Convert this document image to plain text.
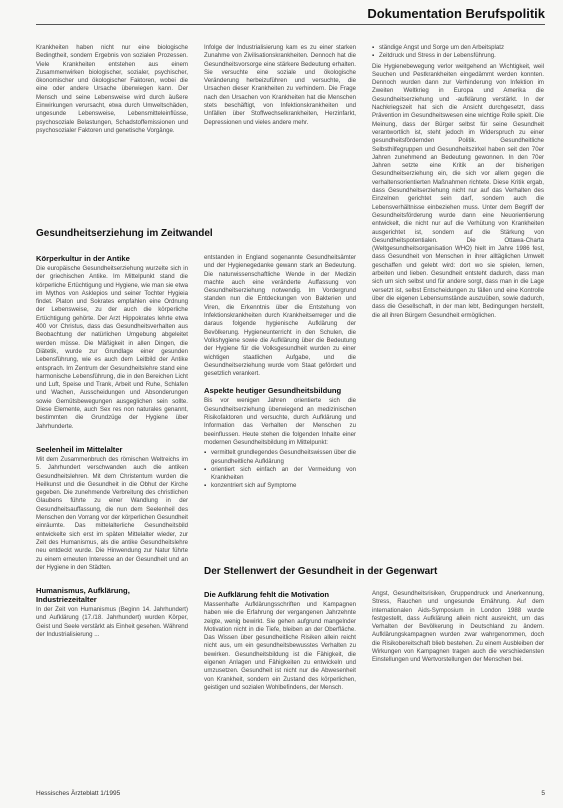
Dokumentation Berufspolitik

Krankheiten haben nicht nur eine biologische Bedingtheit, sondern Ergebnis von sozialen Prozessen. Viele Krankheiten entstehen aus einem Zusammenwirken biologischer, sozialer, psychischer, ökonomischer und ökologischer Faktoren, wobei die eine oder andere Ursache überwiegen kann. Der Mensch und seine Lebensweise wird durch äußere Einwirkungen verursacht, etwa durch Umweltschäden, ungesunde Lebensweise, Lebensmitteleinflüsse, psychosoziale Belastungen, Schadstoffemissionen und psychosozialer Faktoren und genetische Vorgänge.

Infolge der Industrialisierung kam es zu einer starken Zunahme von Zivilisationskrankheiten. Dennoch hat die Gesundheitsvorsorge eine stärkere Bedeutung erhalten. Sie versuchte eine soziale und ökologische Veränderung herbeizuführen und versuchte, die Ursachen dieser Krankheiten zu verhindern. Die Frage nach den Ursachen von Krankheiten hat die Menschen stets beschäftigt, von Infektionskrankheiten und Unfällen über Stoffwechselkrankheiten, Herzinfarkt, Depressionen und vieles andere mehr.

Gesundheitserziehung im Zeitwandel
Körperkultur in der Antike

Die europäische Gesundheitserziehung wurzelte sich in der griechischen Antike. Im Mittelpunkt stand die körperliche Ertüchtigung und Hygiene, wie man sie etwa im Mythos von Asklepios und seiner Tochter Hygieia findet. Platon und Sokrates empfahlen eine Ordnung der Lebensweise, zu der auch die körperliche Ertüchtigung gehörte. Der Arzt Hippokrates lehrte etwa 400 vor Christus, dass das Gesundheitsverhalten aus Beobachtung der natürlichen Umgebung abgeleitet werden müsse. Die Mäßigkeit in allen Dingen, die Diätetik, wurde zur Grundlage einer gesunden Lebensführung, wie es auch dem Leitbild der Antike entsprach. Im Zentrum der Gesundheitslehre stand eine harmonische Lebensführung, die in den Bereichen Licht und Luft, Speise und Trank, Arbeit und Ruhe, Schlafen und Wachen, Ausscheidungen und Absonderungen sowie Gemütsbewegungen ausgeglichen sein sollte. Diese Elemente, auch Sex res non naturales genannt, bestimmten die Grundzüge der Hygiene über Jahrhunderte.

Seelenheil im Mittelalter

Mit dem Zusammenbruch des römischen Weltreichs im 5. Jahrhundert verschwanden auch die antiken Gesundheitslehren. Mit dem Christentum wurden die Heilkunst und die Gesundheit in die Obhut der Kirche gegeben. Die zunehmende Verbreitung des christlichen Glaubens führte zu einer Wandlung in der Gesundheitsauffassung, die nun dem Seelenheil des Menschen den Vorrang vor der körperlichen Gesundheit einräumte. Das mittelalterliche Gesundheitsbild entwickelte sich erst im späten Mittelalter wieder, zur Zeit des Humanismus, als die antike Gesundheitslehre neu entdeckt wurde. Die Hinwendung zur Natur führte zu einem erneuten Interesse an der Gesundheit und an der Hygiene in den Städten.

Humanismus, Aufklärung, Industriezeitalter

In der Zeit von Humanismus (Beginn 14. Jahrhundert) und Aufklärung (17./18. Jahrhundert) wurden Körper, Geist und Seele verstärkt als Einheit gesehen. Während der Industrialisierung ...

entstanden in England sogenannte Gesundheitsämter und der Hygienegedanke gewann stark an Bedeutung. Die naturwissenschaftliche Wende in der Medizin machte auch eine veränderte Auffassung von Gesundheitserziehung notwendig. Im Vordergrund standen nun die Entdeckungen von Bakterien und Viren, die Erkenntnis über die Entstehung von Infektionskrankheiten durch Krankheitserreger und die daraus folgende hygienische Aufklärung der Bevölkerung. Hygieneunterricht in den Schulen, die Volkshygiene sowie die Aufklärung über die Bedeutung der Hygiene für die Volksgesundheit wurden zu einer wichtigen staatlichen Aufgabe, und die Gesundheitserziehung wurde vom Staat gefördert und gesetzlich verankert.

Aspekte heutiger Gesundheitsbildung

Bis vor wenigen Jahren orientierte sich die Gesundheitserziehung überwiegend an medizinischen Risikofaktoren und versuchte, durch Aufklärung und Information das Verhalten der Menschen zu beeinflussen. Heute stehen die folgenden Inhalte einer modernen Gesundheitsbildung im Mittelpunkt:

▪ vermittelt grundlegendes Gesundheitswissen über die gesundheitliche Aufklärung
▪ orientiert sich einfach an der Vermeidung von Krankheiten
▪ konzentriert sich auf Symptome
▪ ständige Angst und Sorge um den Arbeitsplatz
▪ Zeitdruck und Stress in der Lebensführung.

Die Hygienebewegung verlor weitgehend an Wichtigkeit, weil Seuchen und Pestkrankheiten eingedämmt werden konnten. Dennoch wurden dann zur Verhinderung von Infektion im Zweiten Weltkrieg in Europa und Amerika die Gesundheitserziehung und -aufklärung verstärkt. In der Nachkriegszeit hat sich die Ansicht durchgesetzt, dass Prävention im Gesundheitswesen eine wichtige Rolle spielt. Die Meinung, dass der Bürger selbst für seine Gesundheit verantwortlich ist, steht jedoch im Widerspruch zu einer gesundheitsfördernden Politik. Gesundheitliche Selbsthilfegruppen und Gesundheitszirkel haben seit den 70er Jahren zunehmend an Bedeutung gewonnen. In den 70er Jahren setzte eine Kritik an der bisherigen Gesundheitserziehung ein, die sich vor allem gegen die verhaltensorientierten Maßnahmen richtete. Diese Kritik ergab, dass Gesundheitserziehung nicht nur auf das Verhalten des Einzelnen gerichtet sein darf, sondern auch die Lebensverhältnisse einbeziehen muss. Unter dem Begriff der Gesundheitsförderung wurde dann eine Neuorientierung entwickelt, die nicht nur auf die Verhütung von Krankheiten ausgerichtet ist, sondern auf die Stärkung von Gesundheitspotentialen. Die Ottawa-Charta (Weltgesundheitsorganisation WHO) hielt im Jahre 1986 fest, dass Gesundheit von Menschen in ihrer alltäglichen Umwelt geschaffen und gelebt wird: dort wo sie spielen, lernen, arbeiten und lieben. Gesundheit entsteht dadurch, dass man sich um sich selbst und für andere sorgt, dass man in die Lage versetzt ist, selbst Entscheidungen zu fällen und eine Kontrolle über die eigenen Lebensumstände auszuüben, sowie dadurch, dass die Gesellschaft, in der man lebt, Bedingungen herstellt, die all ihren Bürgern Gesundheit ermöglichen.

Der Stellenwert der Gesundheit in der Gegenwart
Die Aufklärung fehlt die Motivation

Massenhafte Aufklärungsschriften und Kampagnen haben wie die Erfahrung der vergangenen Jahrzehnte zeigte, wenig bewirkt. Sie gehen aufgrund mangelnder Motivation nicht in die Tiefe, bleiben an der Oberfläche. Das Wissen über gesundheitliche Risiken allein reicht nicht aus, um ein gesundheitsbewusstes Verhalten zu bewirken. Gesundheitsbildung ist die Fähigkeit, die eigenen Anlagen und Fähigkeiten zu entwickeln und umzusetzen. Gesundheit ist nicht nur die Abwesenheit von Krankheit, sondern ein Zustand des körperlichen, geistigen und sozialen Wohlbefindens, der Mensch.

Angst, Gesundheitsrisiken, Gruppendruck und Anerkennung, Stress, Rauchen und ungesunde Ernährung. Auf dem internationalen Aids-Symposium in London 1988 wurde festgestellt, dass Aufklärung allein nicht ausreicht, um das Verhalten der Bevölkerung in Deutschland zu ändern. Aufklärungskampagnen wurden zwar wahrgenommen, doch die Risikobereitschaft blieb bestehen. Zu einem Ausbleiben der Wirkungen von Kampagnen tragen auch die verschiedensten Einstellungen und Wertvorstellungen der Menschen bei.

Hessisches Ärzteblatt 1/1995	5
